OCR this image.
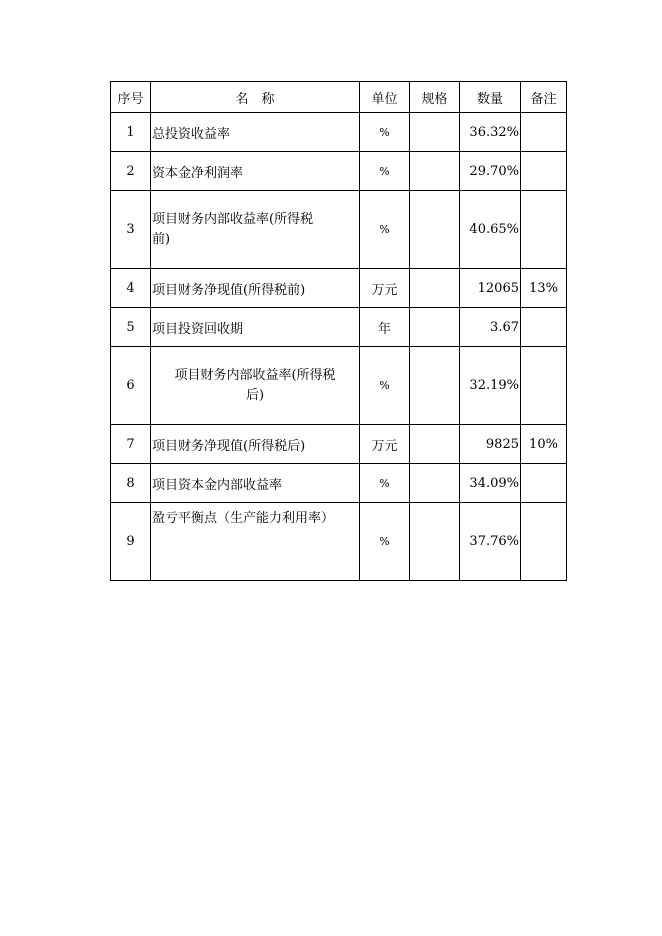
序号	名　称	单位	规格	数量	备注
1	总投资收益率	%		36.32%	
2	资本金净利润率	%		29.70%	
3	项目财务内部收益率(所得税
前)	%		40.65%	
4	项目财务净现值(所得税前)	万元		12065	13%
5	项目投资回收期	年		3.67	
6	项目财务内部收益率(所得税
后)	%		32.19%	
7	项目财务净现值(所得税后)	万元		9825	10%
8	项目资本金内部收益率	%		34.09%	
9	盈亏平衡点（生产能力利用率）	%		37.76%	
